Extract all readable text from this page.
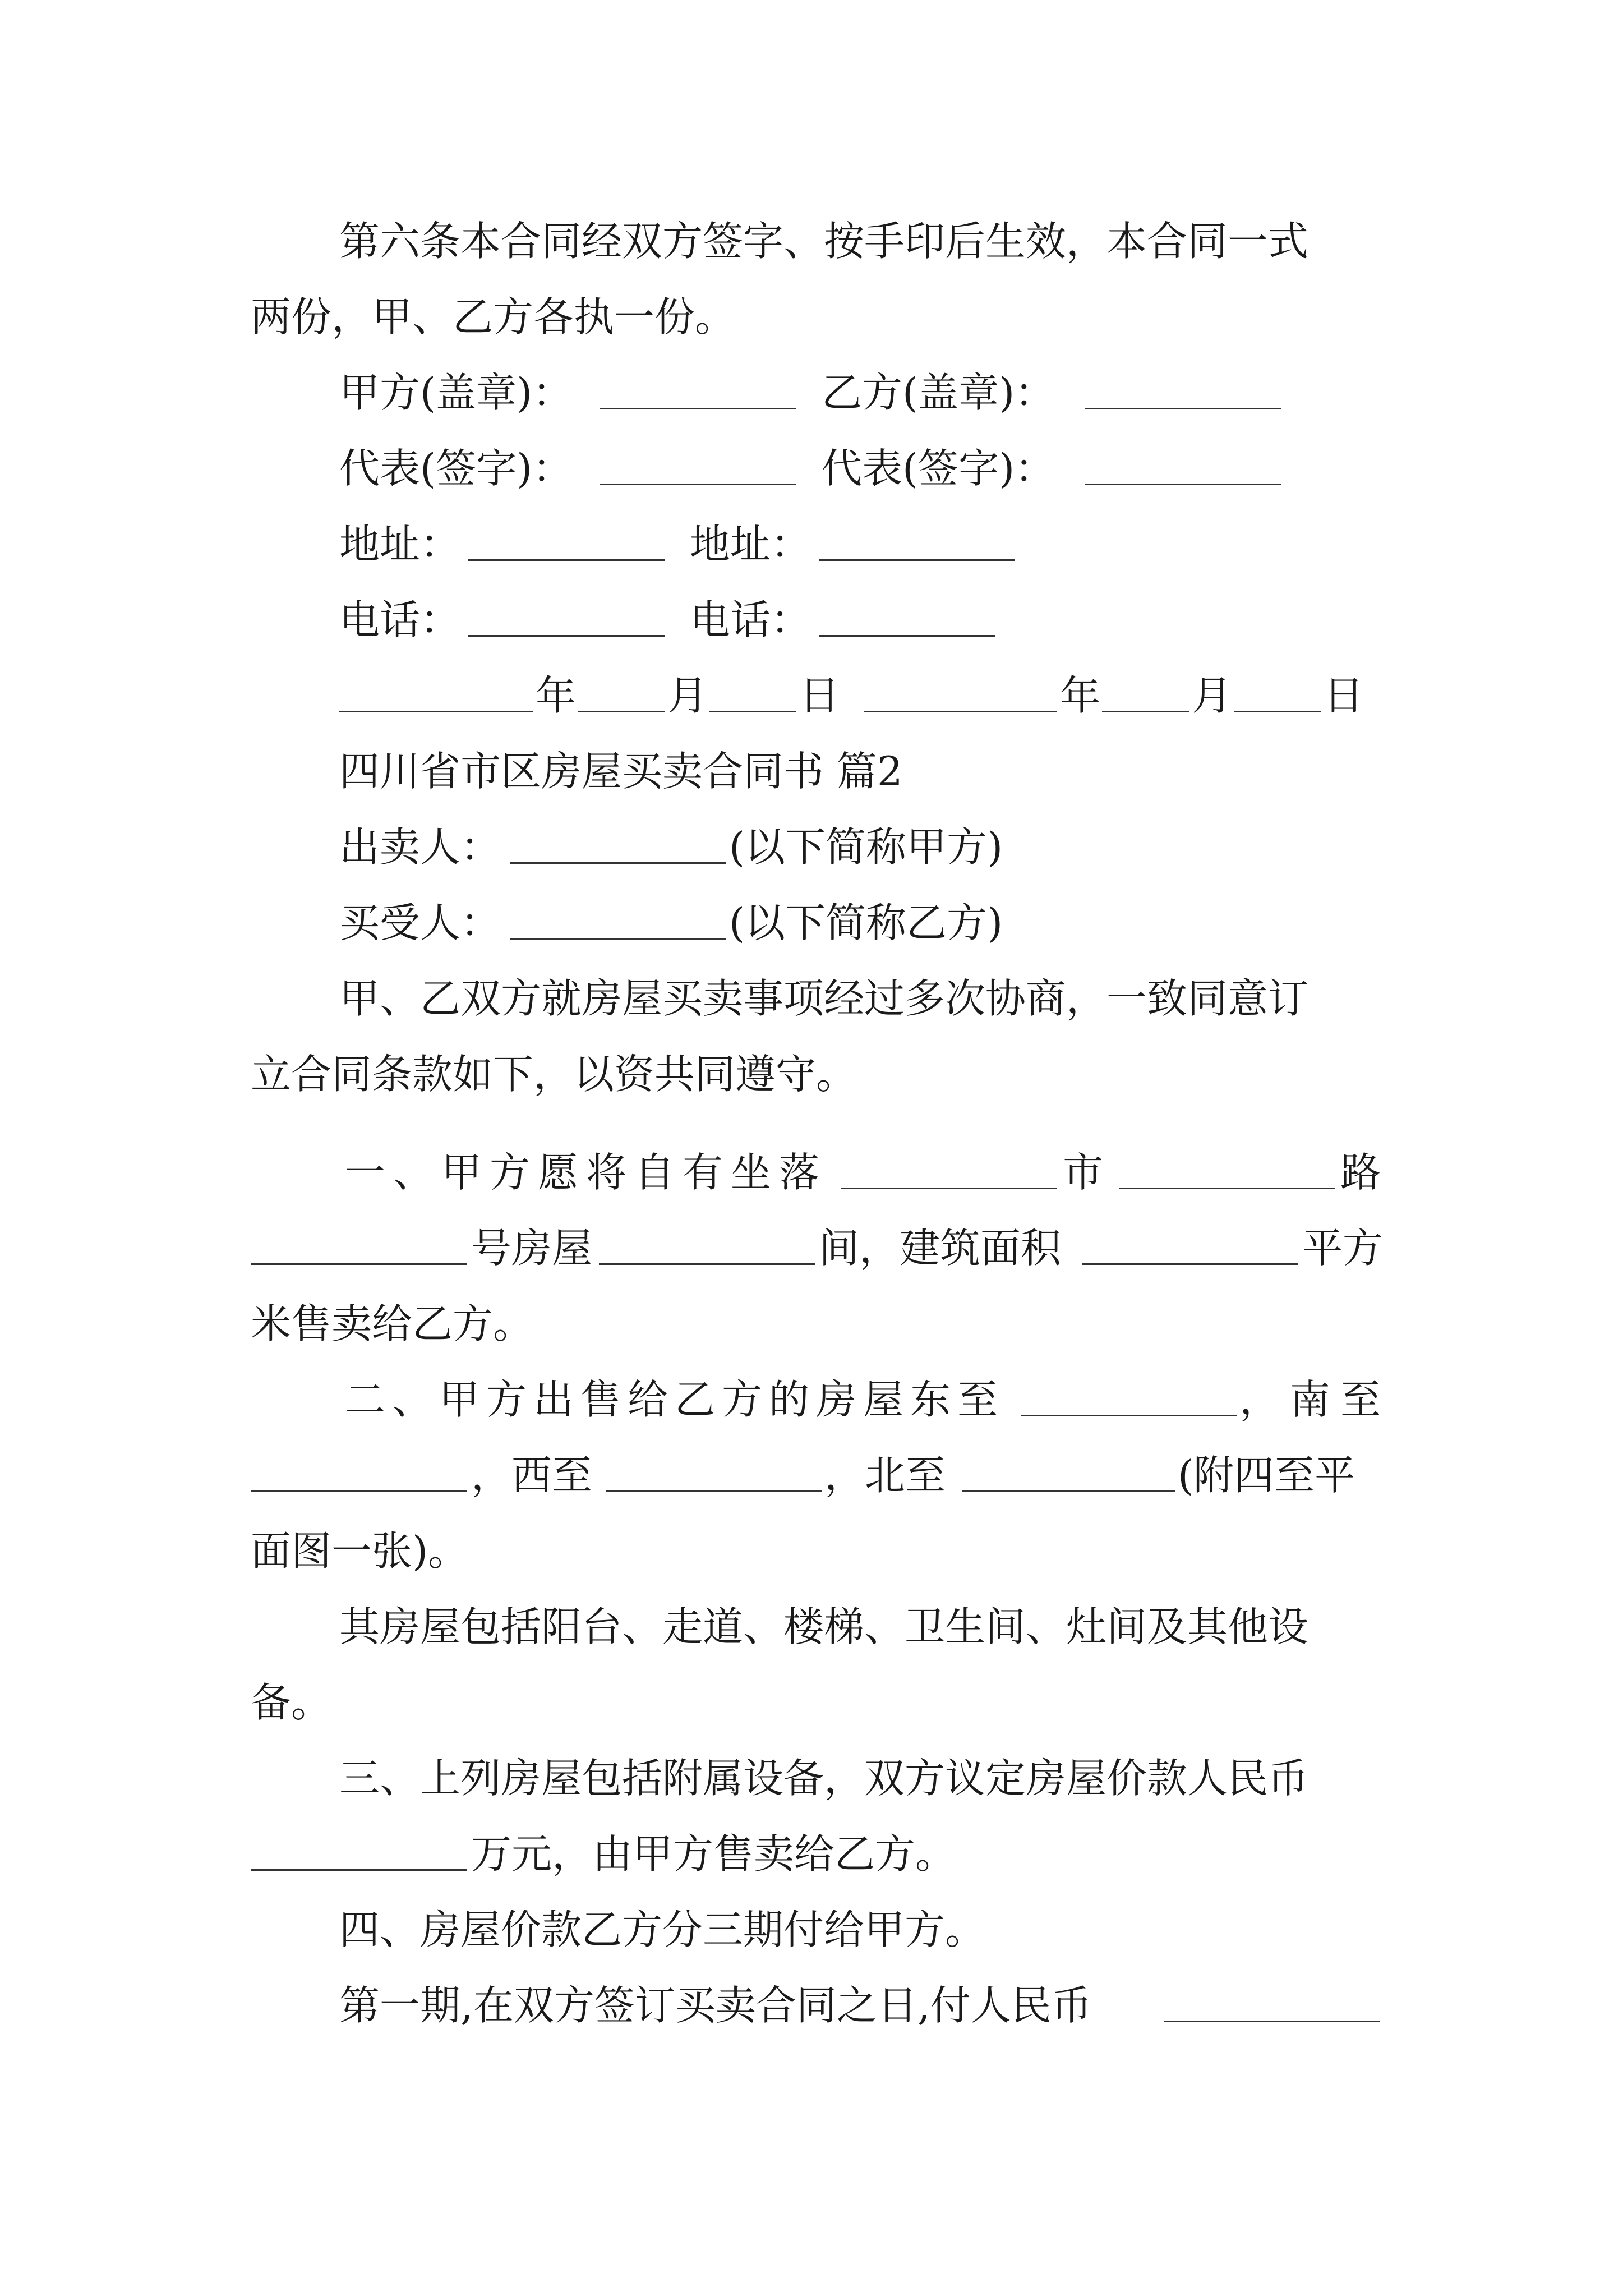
第六条本合同经双方签字、按手印后生效，本合同一式
两份，甲、乙方各执一份。
甲方(盖章)：	乙方(盖章)：
代表(签字)：	代表(签字)：
地址：	地址：
电话：	电话：
年 月 日	年 月 日
四川省市区房屋买卖合同书 篇2
出卖人：	(以下简称甲方)
买受人：	(以下简称乙方)
甲、乙双方就房屋买卖事项经过多次协商，一致同意订
立合同条款如下，以资共同遵守。
一、甲方愿将自有坐落	市	路
号房屋	间，建筑面积	平方
米售卖给乙方。
二、甲方出售给乙方的房屋东至	，南至
，西至	，北至	(附四至平
面图一张)。
其房屋包括阳台、走道、楼梯、卫生间、灶间及其他设
备。
三、上列房屋包括附属设备，双方议定房屋价款人民币
万元，由甲方售卖给乙方。
四、房屋价款乙方分三期付给甲方。
第一期,在双方签订买卖合同之日,付人民币
